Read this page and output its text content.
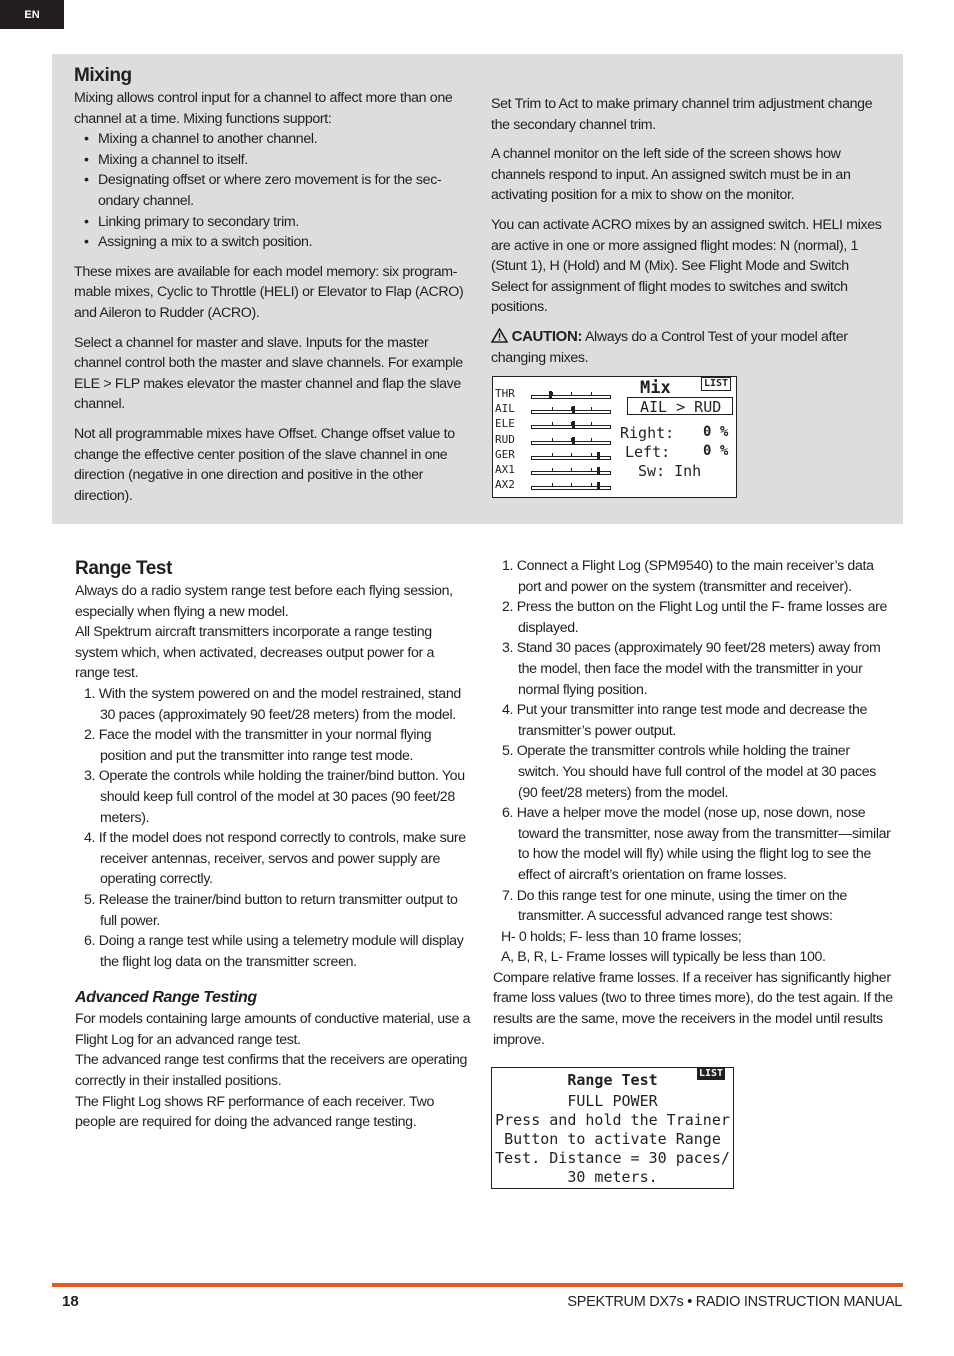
EN
Mixing

Mixing allows control input for a channel to affect more than one channel at a time. Mixing functions support:

• Mixing a channel to another channel.
• Mixing a channel to itself.
• Designating offset or where zero movement is for the secondary channel.
• Linking primary to secondary trim.
• Assigning a mix to a switch position.

These mixes are available for each model memory: six programmable mixes, Cyclic to Throttle (HELI) or Elevator to Flap (ACRO) and Aileron to Rudder (ACRO).

Select a channel for master and slave. Inputs for the master channel control both the master and slave channels. For example ELE > FLP makes elevator the master channel and flap the slave channel.

Not all programmable mixes have Offset. Change offset value to change the effective center position of the slave channel in one direction (negative in one direction and positive in the other direction).

Set Trim to Act to make primary channel trim adjustment change the secondary channel trim.

A channel monitor on the left side of the screen shows how channels respond to input. An assigned switch must be in an activating position for a mix to show on the monitor.

You can activate ACRO mixes by an assigned switch. HELI mixes are active in one or more assigned flight modes: N (normal), 1 (Stunt 1), H (Hold) and M (Mix). See Flight Mode and Switch Select for assignment of flight modes to switches and switch positions.

CAUTION: Always do a Control Test of your model after changing mixes.

THR
AIL
ELE
RUD
GER
AX1
AX2
Mix	LIST
AIL > RUD
Right: 0 %
Left: 0 %
Sw: Inh
Range Test

Always do a radio system range test before each flying session, especially when flying a new model.

All Spektrum aircraft transmitters incorporate a range testing system which, when activated, decreases output power for a range test.

1. With the system powered on and the model restrained, stand 30 paces (approximately 90 feet/28 meters) from the model.
2. Face the model with the transmitter in your normal flying position and put the transmitter into range test mode.
3. Operate the controls while holding the trainer/bind button. You should keep full control of the model at 30 paces (90 feet/28 meters).
4. If the model does not respond correctly to controls, make sure receiver antennas, receiver, servos and power supply are operating correctly.
5. Release the trainer/bind button to return transmitter output to full power.
6. Doing a range test while using a telemetry module will display the flight log data on the transmitter screen.
Advanced Range Testing

For models containing large amounts of conductive material, use a Flight Log for an advanced range test.

The advanced range test confirms that the receivers are operating correctly in their installed positions.

The Flight Log shows RF performance of each receiver. Two people are required for doing the advanced range testing.

1. Connect a Flight Log (SPM9540) to the main receiver’s data port and power on the system (transmitter and receiver).
2. Press the button on the Flight Log until the F- frame losses are displayed.
3. Stand 30 paces (approximately 90 feet/28 meters) away from the model, then face the model with the transmitter in your normal flying position.
4. Put your transmitter into range test mode and decrease the transmitter’s power output.
5. Operate the transmitter controls while holding the trainer switch. You should have full control of the model at 30 paces (90 feet/28 meters) from the model.
6. Have a helper move the model (nose up, nose down, nose toward the transmitter, nose away from the transmitter—similar to how the model will fly) while using the flight log to see the effect of aircraft’s orientation on frame losses.
7. Do this range test for one minute, using the timer on the transmitter. A successful advanced range test shows:

H- 0 holds; F- less than 10 frame losses;

A, B, R, L- Frame losses will typically be less than 100.

Compare relative frame losses. If a receiver has significantly higher frame loss values (two to three times more), do the test again. If the results are the same, move the receivers in the model until results improve.

Range Test	LIST
FULL POWER
Press and hold the Trainer
Button to activate Range
Test. Distance = 30 paces/
30 meters.
18	SPEKTRUM DX7s • RADIO INSTRUCTION MANUAL
